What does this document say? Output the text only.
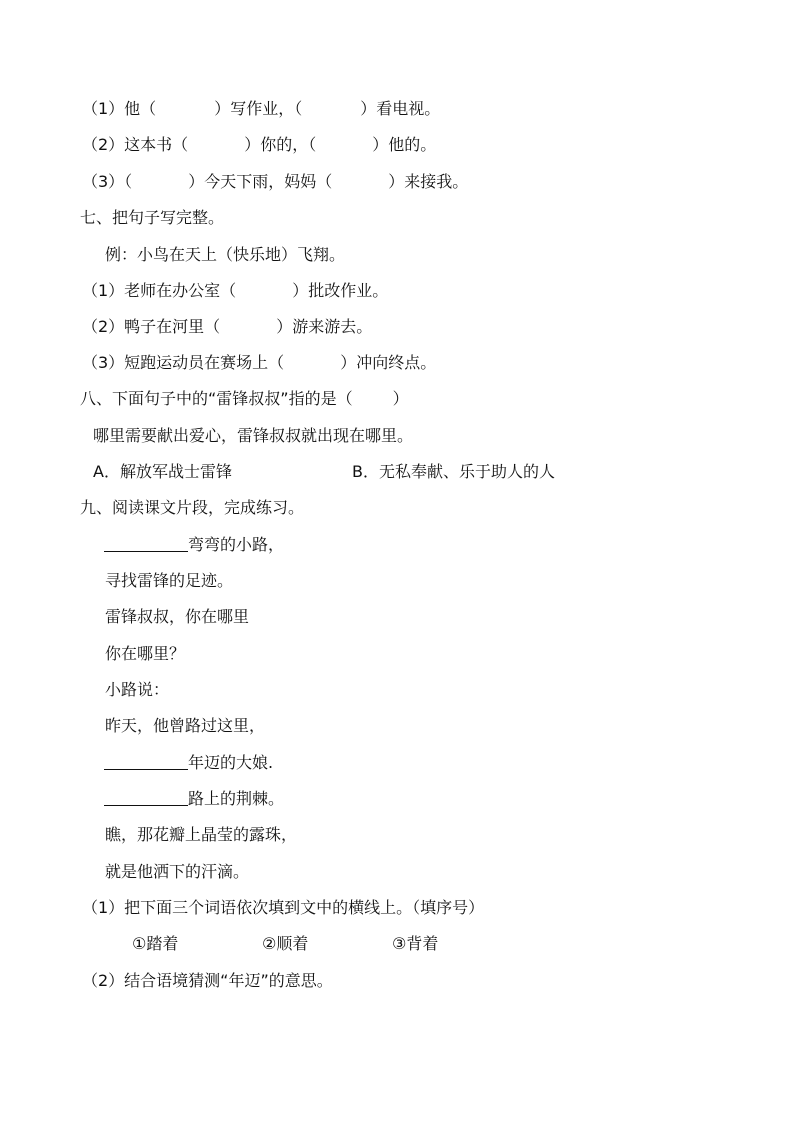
（1）他（	）写作业，（	）看电视。
（2）这本书（	）你的，（	）他的。
（3）（	）今天下雨，妈妈（	）来接我。
七、把句子写完整。
例：小鸟在天上（快乐地）飞翔。
（1）老师在办公室（	）批改作业。
（2）鸭子在河里（	）游来游去。
（3）短跑运动员在赛场上（	）冲向终点。
八、下面句子中的“雷锋叔叔”指的是（	）
哪里需要献出爱心，雷锋叔叔就出现在哪里。
A．解放军战士雷锋	B．无私奉献、乐于助人的人
九、阅读课文片段，完成练习。
弯弯的小路，
寻找雷锋的足迹。
雷锋叔叔，你在哪里
你在哪里？
小路说：
昨天，他曾路过这里，
年迈的大娘.
路上的荆棘。
瞧，那花瓣上晶莹的露珠，
就是他洒下的汗滴。
（1）把下面三个词语依次填到文中的横线上。（填序号）
①踏着	②顺着	③背着
（2）结合语境猜测“年迈”的意思。
